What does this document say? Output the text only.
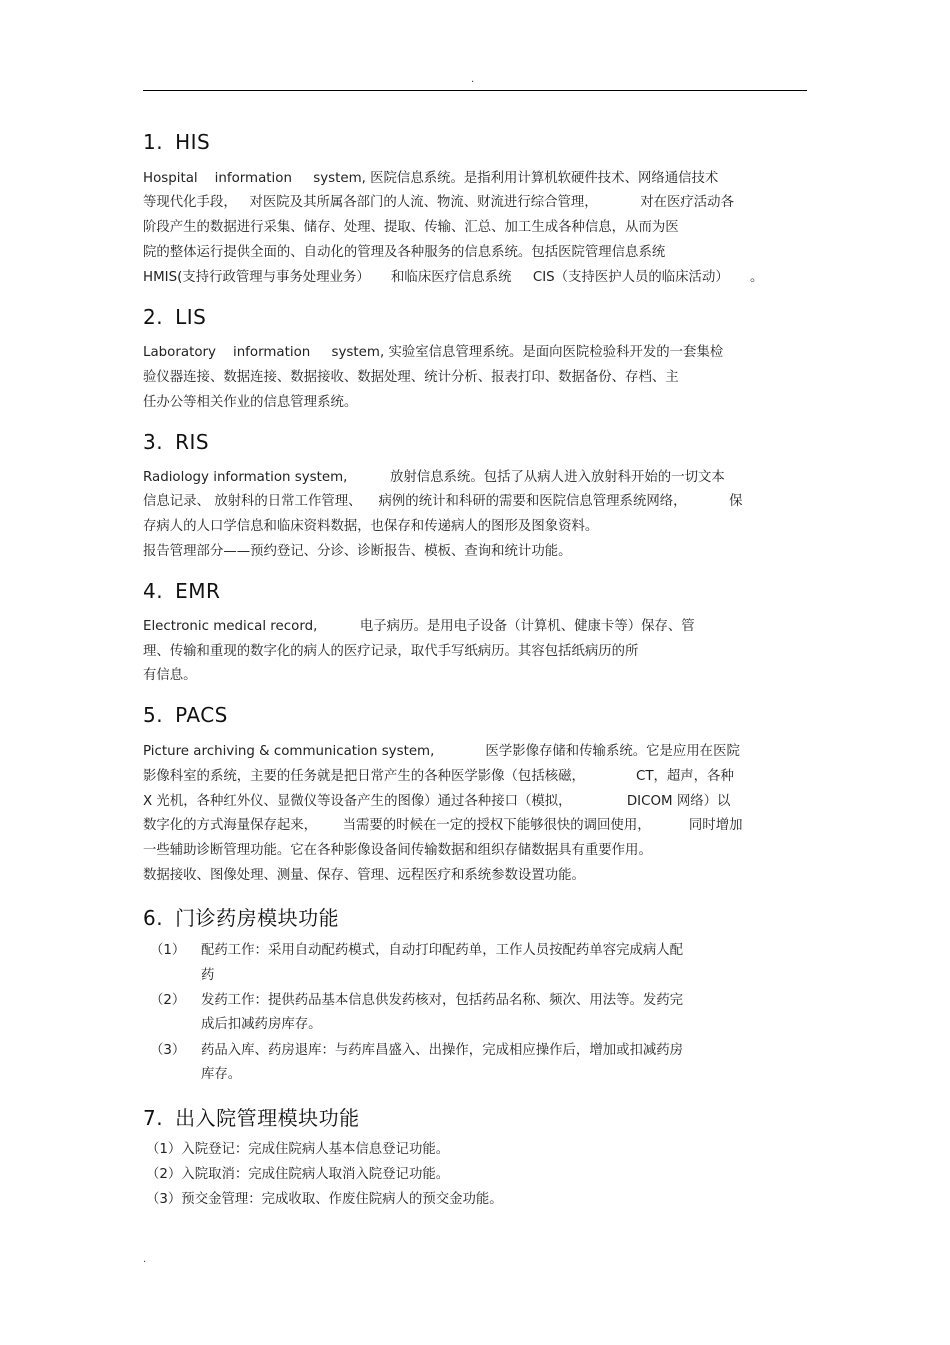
.
1. HIS
Hospital    information     system, 医院信息系统。是指利用计算机软硬件技术、网络通信技术
等现代化手段，   对医院及其所属各部门的人流、物流、财流进行综合管理，          对在医疗活动各
阶段产生的数据进行采集、储存、处理、提取、传输、汇总、加工生成各种信息，从而为医
院的整体运行提供全面的、自动化的管理及各种服务的信息系统。包括医院管理信息系统
HMIS(支持行政管理与事务处理业务）     和临床医疗信息系统     CIS（支持医护人员的临床活动）     。
2. LIS
Laboratory    information     system, 实验室信息管理系统。是面向医院检验科开发的一套集检
验仪器连接、数据连接、数据接收、数据处理、统计分析、报表打印、数据备份、存档、主
任办公等相关作业的信息管理系统。
3. RIS
Radiology information system,          放射信息系统。包括了从病人进入放射科开始的一切文本
信息记录、 放射科的日常工作管理、    病例的统计和科研的需要和医院信息管理系统网络，          保
存病人的人口学信息和临床资料数据，也保存和传递病人的图形及图象资料。
报告管理部分——预约登记、分诊、诊断报告、模板、查询和统计功能。
4. EMR
Electronic medical record,          电子病历。是用电子设备（计算机、健康卡等）保存、管
理、传输和重现的数字化的病人的医疗记录，取代手写纸病历。其容包括纸病历的所
有信息。
5. PACS
Picture archiving & communication system,            医学影像存储和传输系统。它是应用在医院
影像科室的系统，主要的任务就是把日常产生的各种医学影像（包括核磁，            CT，超声，各种
X 光机，各种红外仪、显微仪等设备产生的图像）通过各种接口（模拟，             DICOM 网络）以
数字化的方式海量保存起来，      当需要的时候在一定的授权下能够很快的调回使用，         同时增加
一些辅助诊断管理功能。它在各种影像设备间传输数据和组织存储数据具有重要作用。
数据接收、图像处理、测量、保存、管理、远程医疗和系统参数设置功能。
6. 门诊药房模块功能
（1） 配药工作：采用自动配药模式，自动打印配药单，工作人员按配药单容完成病人配
药
（2） 发药工作：提供药品基本信息供发药核对，包括药品名称、频次、用法等。发药完
成后扣减药房库存。
（3） 药品入库、药房退库：与药库昌盛入、出操作，完成相应操作后，增加或扣减药房
库存。
7. 出入院管理模块功能
（1）入院登记：完成住院病人基本信息登记功能。
（2）入院取消：完成住院病人取消入院登记功能。
（3）预交金管理：完成收取、作废住院病人的预交金功能。
.
